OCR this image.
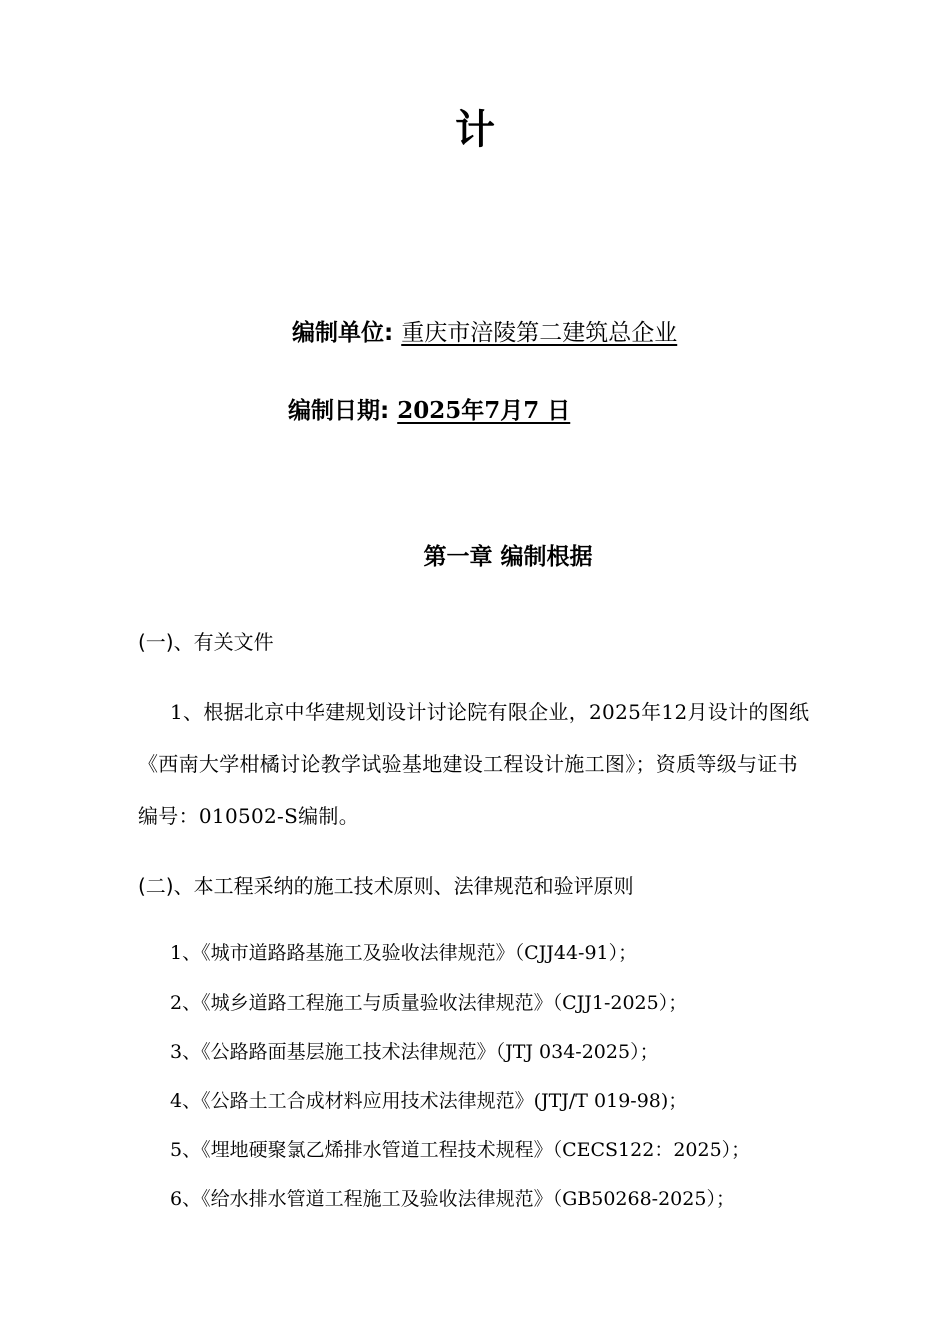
计
编制单位: 重庆市涪陵第二建筑总企业
编制日期: 2025年7月7 日
第一章 编制根据
(一)、有关文件
1、根据北京中华建规划设计讨论院有限企业，2025年12月设计的图纸
《西南大学柑橘讨论教学试验基地建设工程设计施工图》；资质等级与证书
编号：010502-S编制。
(二)、本工程采纳的施工技术原则、法律规范和验评原则
1、《城市道路路基施工及验收法律规范》（CJJ44-91）；
2、《城乡道路工程施工与质量验收法律规范》（CJJ1-2025）；
3、《公路路面基层施工技术法律规范》（JTJ 034-2025）；
4、《公路土工合成材料应用技术法律规范》(JTJ/T 019-98)；
5、《埋地硬聚氯乙烯排水管道工程技术规程》（CECS122：2025）；
6、《给水排水管道工程施工及验收法律规范》（GB50268-2025）；
